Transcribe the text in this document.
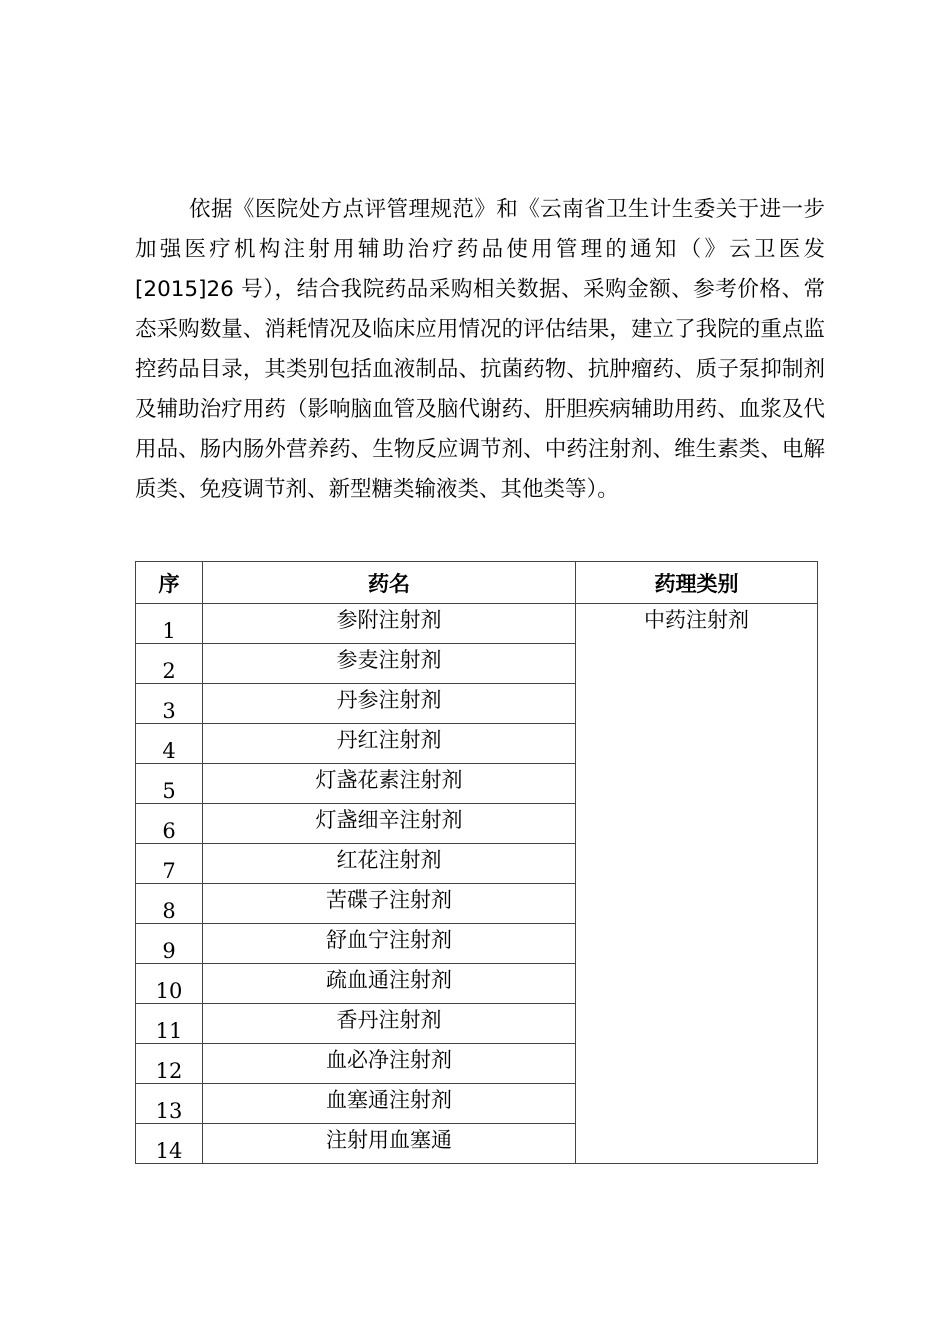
依据《医院处方点评管理规范》和《云南省卫生计生委关于进一步加强医疗机构注射用辅助治疗药品使用管理的通知（》云卫医发[2015]26 号），结合我院药品采购相关数据、采购金额、参考价格、常态采购数量、消耗情况及临床应用情况的评估结果，建立了我院的重点监控药品目录，其类别包括血液制品、抗菌药物、抗肿瘤药、质子泵抑制剂及辅助治疗用药（影响脑血管及脑代谢药、肝胆疾病辅助用药、血浆及代用品、肠内肠外营养药、生物反应调节剂、中药注射剂、维生素类、电解质类、免疫调节剂、新型糖类输液类、其他类等）。

序	药名	药理类别
1	参附注射剂	中药注射剂
2	参麦注射剂	
3	丹参注射剂	
4	丹红注射剂	
5	灯盏花素注射剂	
6	灯盏细辛注射剂	
7	红花注射剂	
8	苦碟子注射剂	
9	舒血宁注射剂	
10	疏血通注射剂	
11	香丹注射剂	
12	血必净注射剂	
13	血塞通注射剂	
14	注射用血塞通	
